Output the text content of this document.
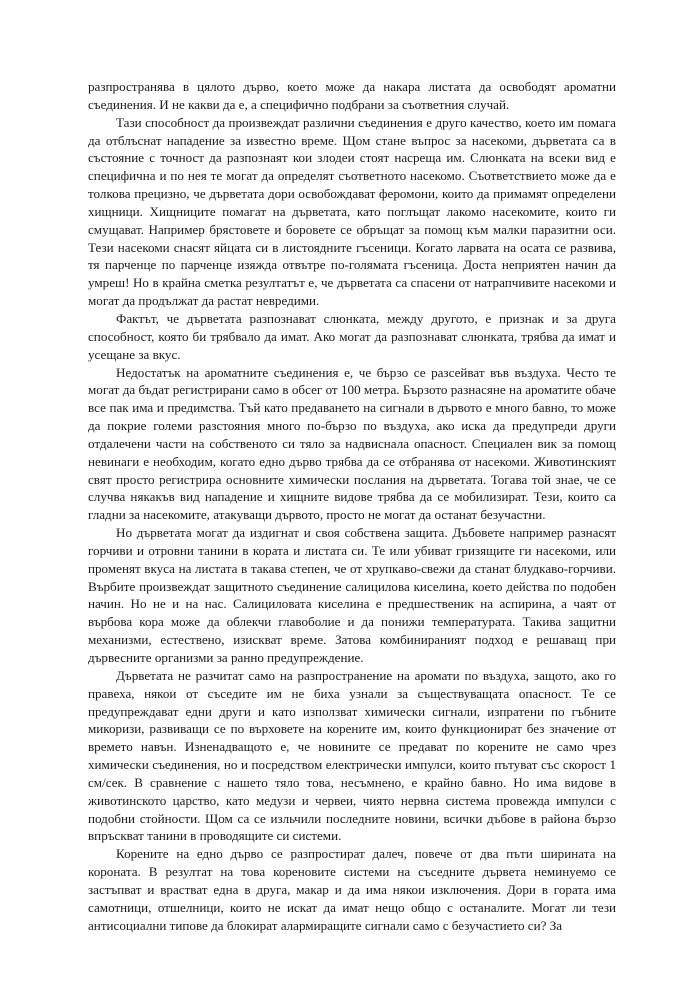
разпространява в цялото дърво, което може да накара листата да освободят ароматни съединения. И не какви да е, а специфично подбрани за съответния случай.

Тази способност да произвеждат различни съединения е друго качество, което им помага да отблъснат нападение за известно време. Щом стане въпрос за насекоми, дърветата са в състояние с точност да разпознаят кои злодеи стоят насреща им. Слюнката на всеки вид е специфична и по нея те могат да определят съответното насекомо. Съответствието може да е толкова прецизно, че дърветата дори освобождават феромони, които да примамят определени хищници. Хищниците помагат на дърветата, като поглъщат лакомо насекомите, които ги смущават. Например брястовете и боровете се обръщат за помощ към малки паразитни оси. Тези насекоми снасят яйцата си в листоядните гъсеници. Когато ларвата на осата се развива, тя парченце по парченце изяжда отвътре по-голямата гъсеница. Доста неприятен начин да умреш! Но в крайна сметка резултатът е, че дърветата са спасени от натрапчивите насекоми и могат да продължат да растат невредими.

Фактът, че дърветата разпознават слюнката, между другото, е признак и за друга способност, която би трябвало да имат. Ако могат да разпознават слюнката, трябва да имат и усещане за вкус.

Недостатък на ароматните съединения е, че бързо се разсейват във въздуха. Често те могат да бъдат регистрирани само в обсег от 100 метра. Бързото разнасяне на ароматите обаче все пак има и предимства. Тъй като предаването на сигнали в дървото е много бавно, то може да покрие големи разстояния много по-бързо по въздуха, ако иска да предупреди други отдалечени части на собственото си тяло за надвиснала опасност. Специален вик за помощ невинаги е необходим, когато едно дърво трябва да се отбранява от насекоми. Животинският свят просто регистрира основните химически послания на дърветата. Тогава той знае, че се случва някакъв вид нападение и хищните видове трябва да се мобилизират. Тези, които са гладни за насекомите, атакуващи дървото, просто не могат да останат безучастни.

Но дърветата могат да издигнат и своя собствена защита. Дъбовете например разнасят горчиви и отровни танини в кората и листата си. Те или убиват гризящите ги насекоми, или променят вкуса на листата в такава степен, че от хрупкаво-свежи да станат блудкаво-горчиви. Върбите произвеждат защитното съединение салицилова киселина, което действа по подобен начин. Но не и на нас. Салициловата киселина е предшественик на аспирина, а чаят от върбова кора може да облекчи главоболие и да понижи температурата. Такива защитни механизми, естествено, изискват време. Затова комбинираният подход е решаващ при дървесните организми за ранно предупреждение.

Дърветата не разчитат само на разпространение на аромати по въздуха, защото, ако го правеха, някои от съседите им не биха узнали за съществуващата опасност. Те се предупреждават едни други и като използват химически сигнали, изпратени по гъбните микоризи, развиващи се по върховете на корените им, които функционират без значение от времето навън. Изненадващото е, че новините се предават по корените не само чрез химически съединения, но и посредством електрически импулси, които пътуват със скорост 1 см/сек. В сравнение с нашето тяло това, несъмнено, е крайно бавно. Но има видове в животинското царство, като медузи и червеи, чиято нервна система провежда импулси с подобни стойности. Щом са се изльчили последните новини, всички дъбове в района бързо впръскват танини в проводящите си системи.

Корените на едно дърво се разпростират далеч, повече от два пъти ширината на короната. В резултат на това кореновите системи на съседните дървета неминуемо се застъпват и врастват една в друга, макар и да има някои изключения. Дори в гората има самотници, отшелници, които не искат да имат нещо общо с останалите. Могат ли тези антисоциални типове да блокират алармиращите сигнали само с безучастието си? За
